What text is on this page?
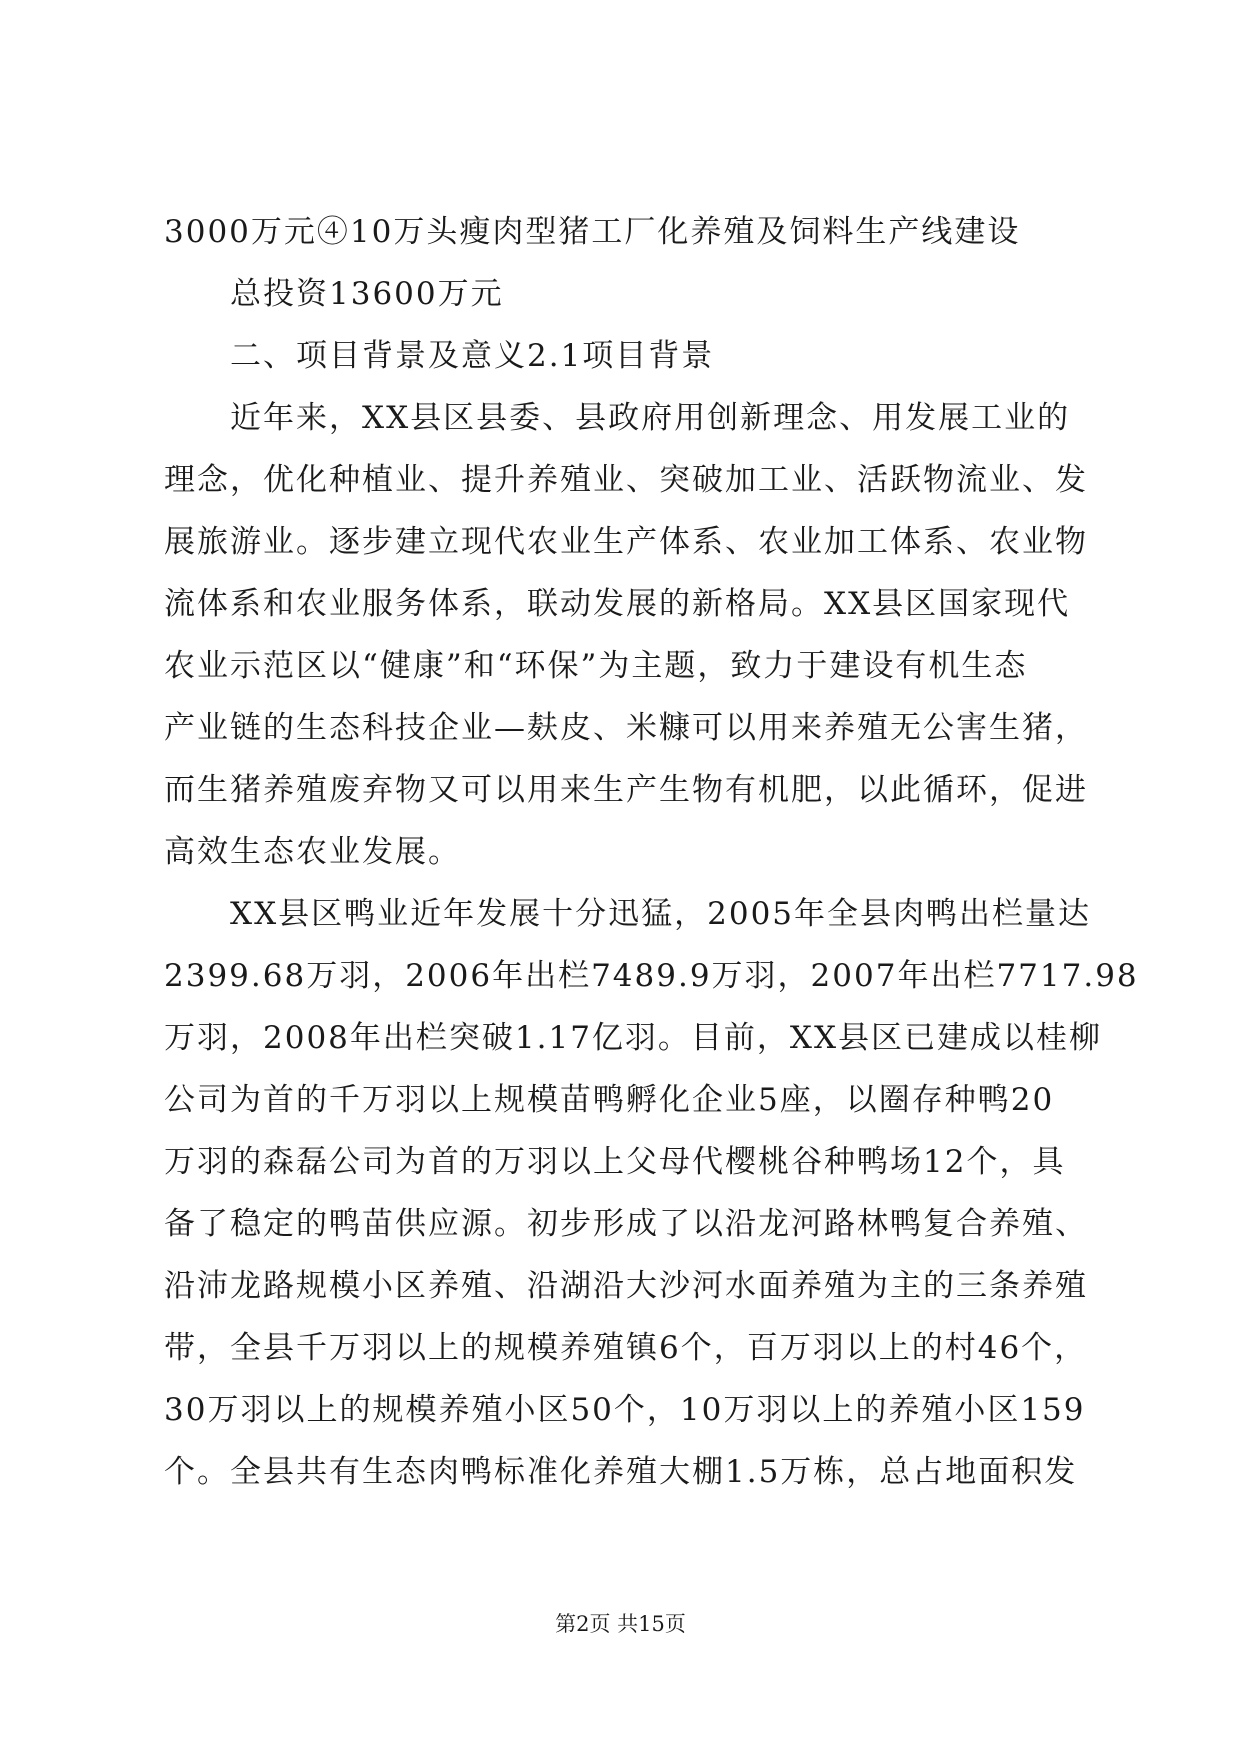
3000万元④10万头瘦肉型猪工厂化养殖及饲料生产线建设
总投资13600万元
二、项目背景及意义2.1项目背景
近年来，XX县区县委、县政府用创新理念、用发展工业的
理念，优化种植业、提升养殖业、突破加工业、活跃物流业、发
展旅游业。逐步建立现代农业生产体系、农业加工体系、农业物
流体系和农业服务体系，联动发展的新格局。XX县区国家现代
农业示范区以“健康”和“环保”为主题，致力于建设有机生态
产业链的生态科技企业—麸皮、米糠可以用来养殖无公害生猪，
而生猪养殖废弃物又可以用来生产生物有机肥，以此循环，促进
高效生态农业发展。
XX县区鸭业近年发展十分迅猛，2005年全县肉鸭出栏量达
2399.68万羽，2006年出栏7489.9万羽，2007年出栏7717.98
万羽，2008年出栏突破1.17亿羽。目前，XX县区已建成以桂柳
公司为首的千万羽以上规模苗鸭孵化企业5座，以圈存种鸭20
万羽的森磊公司为首的万羽以上父母代樱桃谷种鸭场12个，具
备了稳定的鸭苗供应源。初步形成了以沿龙河路林鸭复合养殖、
沿沛龙路规模小区养殖、沿湖沿大沙河水面养殖为主的三条养殖
带，全县千万羽以上的规模养殖镇6个，百万羽以上的村46个，
30万羽以上的规模养殖小区50个，10万羽以上的养殖小区159
个。全县共有生态肉鸭标准化养殖大棚1.5万栋，总占地面积发
第2页 共15页
